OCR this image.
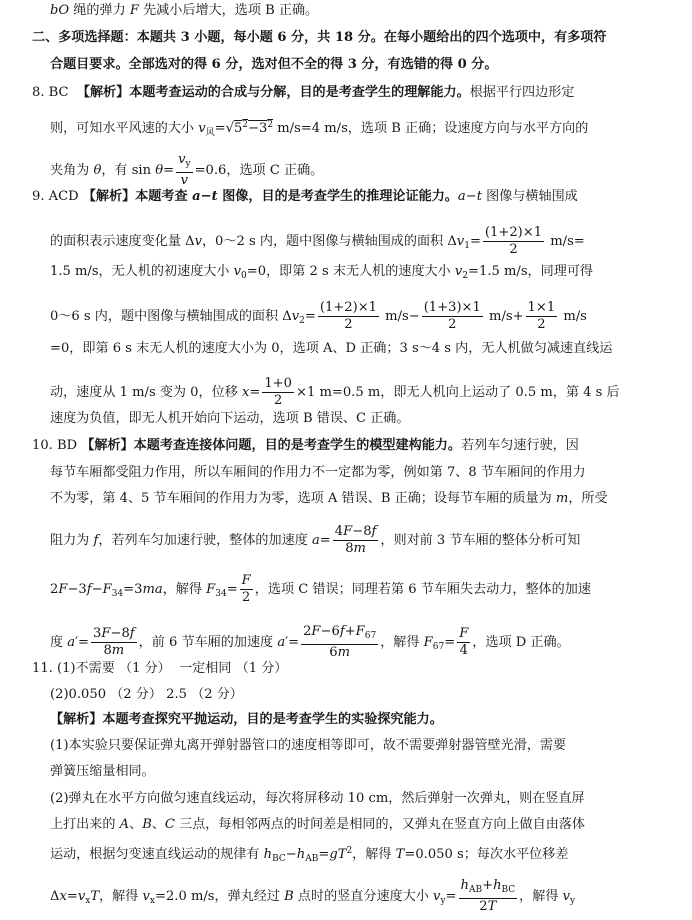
bO 绳的弹力 F 先减小后增大，选项 B 正确。
二、多项选择题：本题共 3 小题，每小题 6 分，共 18 分。在每小题给出的四个选项中，有多项符
合题目要求。全部选对的得 6 分，选对但不全的得 3 分，有选错的得 0 分。
8. BC  【解析】本题考查运动的合成与分解，目的是考查学生的理解能力。根据平行四边形定
则，可知水平风速的大小 $v_风=√5^2-3^2$ m/s=4 m/s，选项 B 正确；设速度方向与水平方向的
夹角为 θ，有 $\sin \theta= \frac{v_y}{v} =0.6$，选项 C 正确。
9. ACD 【解析】本题考查 a−t 图像，目的是考查学生的推理论证能力。a−t 图像与横轴围成
的面积表示速度变化量 Δv，0～2 s 内，题中图像与横轴围成的面积 $\Delta v_1= \frac{(1+2)\times 1}{2} m/s=$
1.5 m/s，无人机的初速度大小 $v_0=0$，即第 2 s 末无人机的速度大小 $v_2=1.5$ m/s，同理可得
0～6 s 内，题中图像与横轴围成的面积 $\Delta v_2= \frac{(1+2)\times 1}{2} m/s- \frac{(1+3)\times 1}{2} m/s+ \frac{1\times 1}{2} m/s$
=0，即第 6 s 末无人机的速度大小为 0，选项 A、D 正确；3 s～4 s 内，无人机做匀减速直线运
动，速度从 1 m/s 变为 0，位移 $x= \frac{1+0}{2} \times 1$ m=0.5 m，即无人机向上运动了 0.5 m，第 4 s 后
速度为负值，即无人机开始向下运动，选项 B 错误、C 正确。
10. BD 【解析】本题考查连接体问题，目的是考查学生的模型建构能力。若列车匀速行驶，因
每节车厢都受阻力作用，所以车厢间的作用力不一定都为零，例如第 7、8 节车厢间的作用力
不为零，第 4、5 节车厢间的作用力为零，选项 A 错误、B 正确；设每节车厢的质量为 m，所受
阻力为 f，若列车匀加速行驶，整体的加速度 $a= \frac{4F-8f}{8m}$ ，则对前 3 节车厢的整体分析可知
$2F-3f-F_{34}=3ma$，解得 $F_{34}= \frac{F}{2}$ ，选项 C 错误；同理若第 6 节车厢失去动力，整体的加速
度 $a'= \frac{3F-8f}{8m}$ ，前 6 节车厢的加速度 $a'= \frac{2F-6f+F_{67}}{6m}$ ，解得 $F_{67}= \frac{F}{4}$ ，选项 D 正确。
11. (1)不需要 （1 分）  一定相同 （1 分）
(2)0.050 （2 分） 2.5 （2 分）
【解析】本题考查探究平抛运动，目的是考查学生的实验探究能力。
(1)本实验只要保证弹丸离开弹射器管口的速度相等即可，故不需要弹射器管壁光滑，需要
弹簧压缩量相同。
(2)弹丸在水平方向做匀速直线运动，每次将屏移动 10 cm，然后弹射一次弹丸，则在竖直屏
上打出来的 A、B、C 三点，每相邻两点的时间差是相同的，又弹丸在竖直方向上做自由落体
运动，根据匀变速直线运动的规律有 $h_{BC}-h_{AB}=gT^2$，解得 T=0.050 s；每次水平位移差
$\Delta x=v_xT$，解得 $v_x=2.0$ m/s，弹丸经过 B 点时的竖直分速度大小 $v_y= \frac{h_{AB}+h_{BC}}{2T}$ ，解得 $v_y$
